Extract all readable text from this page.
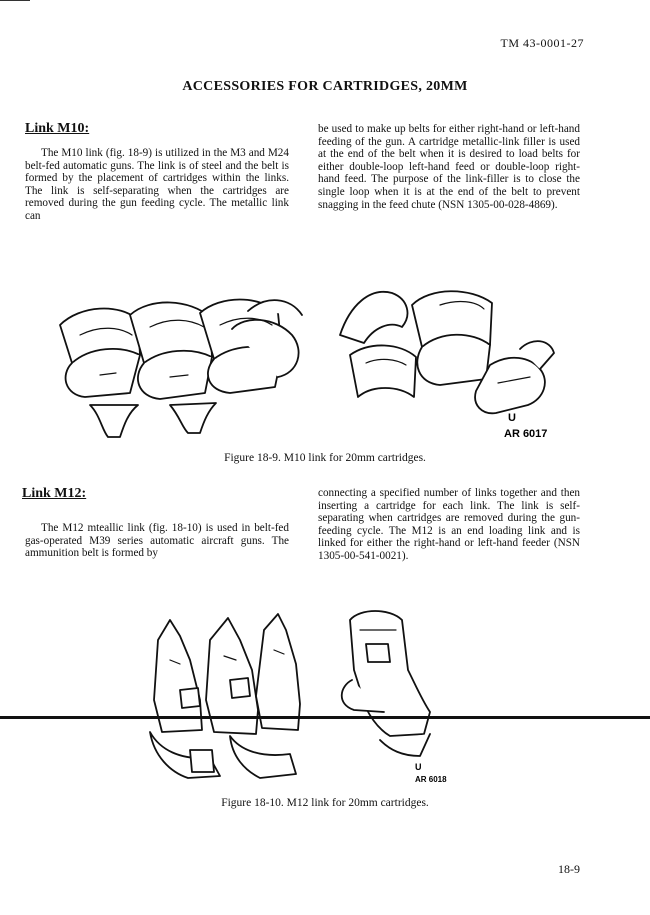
TM 43-0001-27
ACCESSORIES FOR CARTRIDGES, 20MM
Link M10:

The M10 link (fig. 18-9) is utilized in the M3 and M24 belt-fed automatic guns. The link is of steel and the belt is formed by the placement of cartridges within the links. The link is self-separating when the cartridges are removed during the gun feeding cycle. The metallic link can

be used to make up belts for either right-hand or left-hand feeding of the gun. A cartridge metallic-link filler is used at the end of the belt when it is desired to load belts for either double-loop left-hand feed or double-loop right-hand feed. The purpose of the link-filler is to close the single loop when it is at the end of the belt to prevent snagging in the feed chute (NSN 1305-00-028-4869).

U
AR 6017
Figure 18-9. M10 link for 20mm cartridges.
Link M12:

The M12 mteallic link (fig. 18-10) is used in belt-fed gas-operated M39 series automatic aircraft guns. The ammunition belt is formed by

connecting a specified number of links together and then inserting a cartridge for each link. The link is self-separating when cartridges are removed during the gun-feeding cycle. The M12 is an end loading link and is linked for either the right-hand or left-hand feeder (NSN 1305-00-541-0021).

U
AR 6018
Figure 18-10. M12 link for 20mm cartridges.
18-9
